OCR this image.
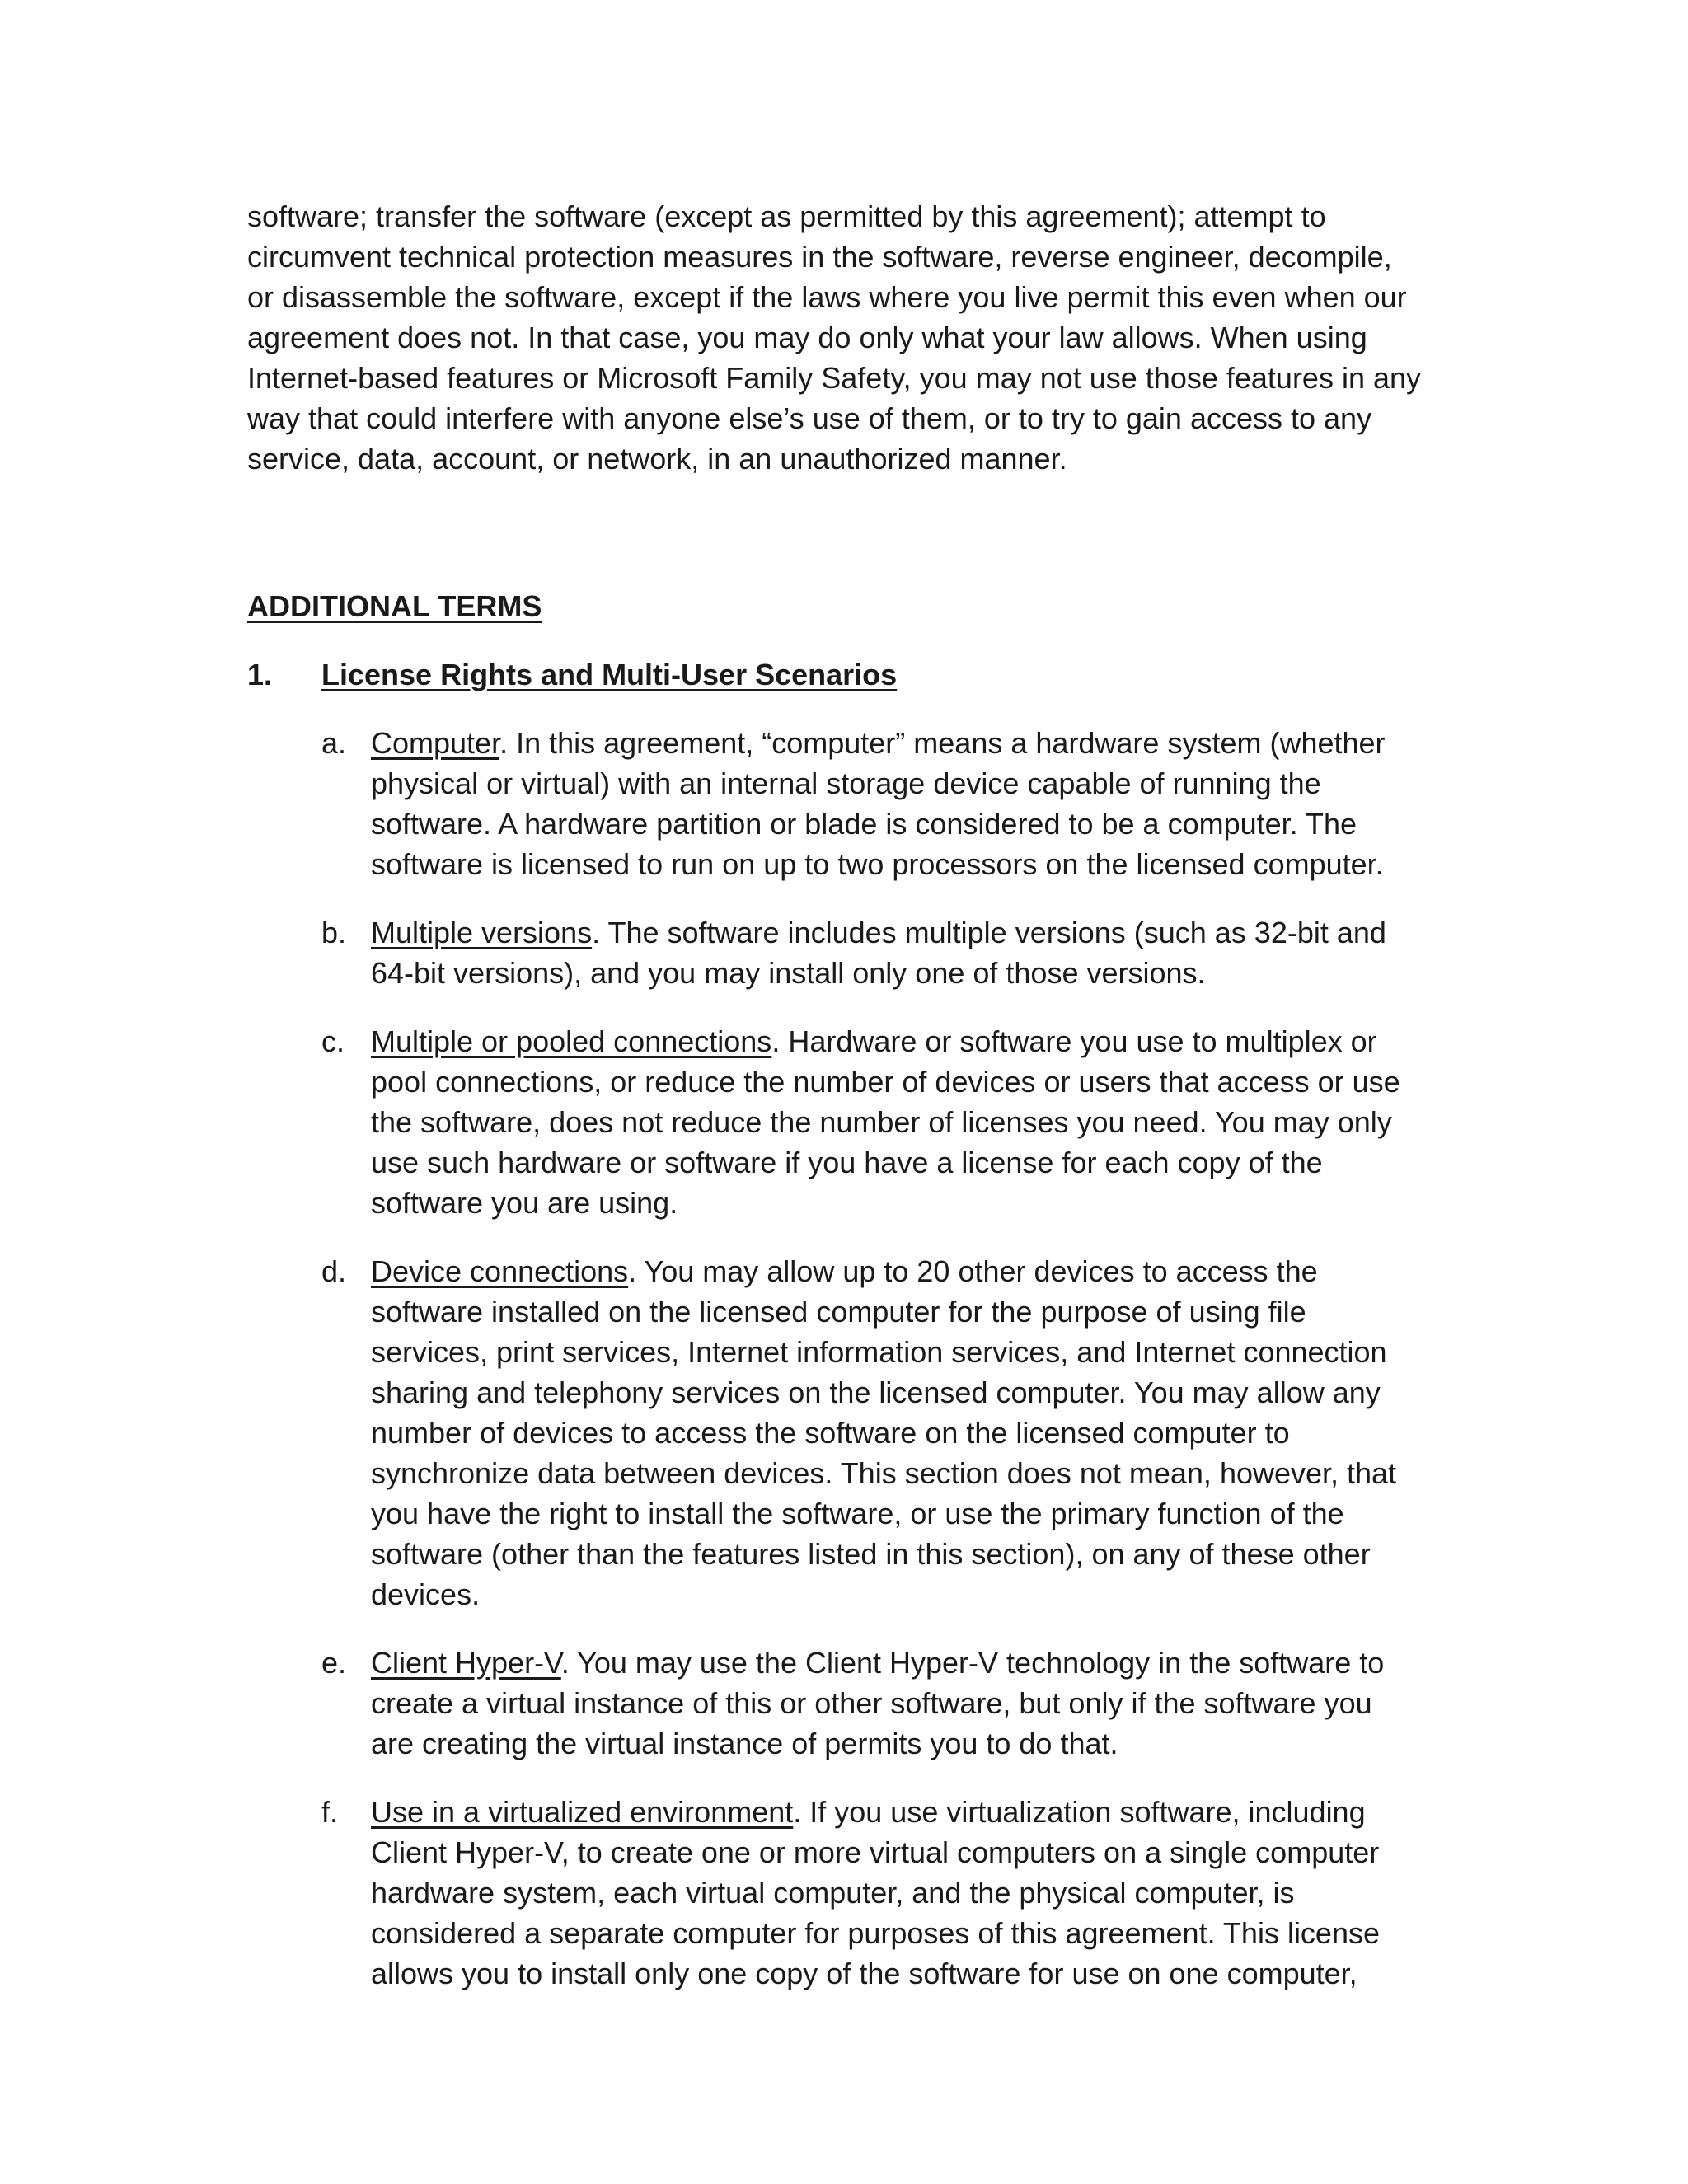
software; transfer the software (except as permitted by this agreement); attempt to
circumvent technical protection measures in the software, reverse engineer, decompile,
or disassemble the software, except if the laws where you live permit this even when our
agreement does not. In that case, you may do only what your law allows. When using
Internet-based features or Microsoft Family Safety, you may not use those features in any
way that could interfere with anyone else’s use of them, or to try to gain access to any
service, data, account, or network, in an unauthorized manner.

ADDITIONAL TERMS
1.	License Rights and Multi-User Scenarios
a. Computer. In this agreement, “computer” means a hardware system (whether
physical or virtual) with an internal storage device capable of running the
software. A hardware partition or blade is considered to be a computer. The
software is licensed to run on up to two processors on the licensed computer.
b. Multiple versions. The software includes multiple versions (such as 32-bit and
64-bit versions), and you may install only one of those versions.
c. Multiple or pooled connections. Hardware or software you use to multiplex or
pool connections, or reduce the number of devices or users that access or use
the software, does not reduce the number of licenses you need. You may only
use such hardware or software if you have a license for each copy of the
software you are using.
d. Device connections. You may allow up to 20 other devices to access the
software installed on the licensed computer for the purpose of using file
services, print services, Internet information services, and Internet connection
sharing and telephony services on the licensed computer. You may allow any
number of devices to access the software on the licensed computer to
synchronize data between devices. This section does not mean, however, that
you have the right to install the software, or use the primary function of the
software (other than the features listed in this section), on any of these other
devices.
e. Client Hyper-V. You may use the Client Hyper-V technology in the software to
create a virtual instance of this or other software, but only if the software you
are creating the virtual instance of permits you to do that.
f.	Use in a virtualized environment. If you use virtualization software, including
Client Hyper-V, to create one or more virtual computers on a single computer
hardware system, each virtual computer, and the physical computer, is
considered a separate computer for purposes of this agreement. This license
allows you to install only one copy of the software for use on one computer,
